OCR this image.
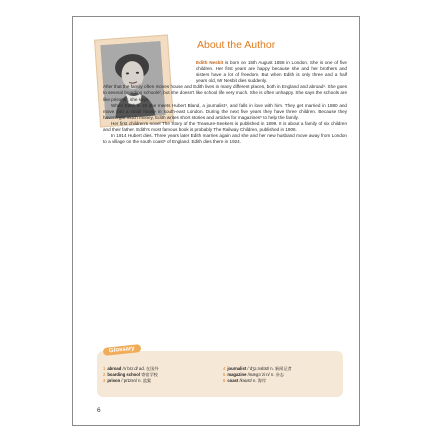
About the Author

Edith Nesbit is born on 15th August 1858 in London. She is one of five children. Her first years are happy because she and her brothers and sisters have a lot of freedom. But when Edith is only three and a half years old, Mr Nesbit dies suddenly.
After that the family often moves house and Edith lives in many different places, both in England and abroad¹. She goes to several boarding schools², but she doesn't like school life very much. She is often unhappy. She says the schools are like prisons³, she says.

When Edith is 18 she meets Hubert Bland, a journalist⁴, and falls in love with him. They get married in 1880 and move into a small house in south-east London. During the next five years they have three children. Because they haven't got much money, Edith writes short stories and articles for magazines⁵ to help the family.

Her first children's novel The Story of the Treasure-Seekers is published in 1899. It is about a family of six children and their father. Edith's most famous book is probably The Railway Children, published in 1906.

In 1914 Hubert dies. Three years later Edith marries again and she and her new husband move away from London to a village on the south coast⁶ of England. Edith dies there in 1924.

Glossary
1 abroad /əˈbrɔːd/ ad. 在国外
2 boarding school 寄宿学校
3 prison /ˈprɪzən/ n. 监狱
4 journalist /ˈdʒɜːnəlɪst/ n. 新闻记者
5 magazine /mægəˈziːn/ n. 杂志
6 coast /kəʊst/ n. 海岸
6
